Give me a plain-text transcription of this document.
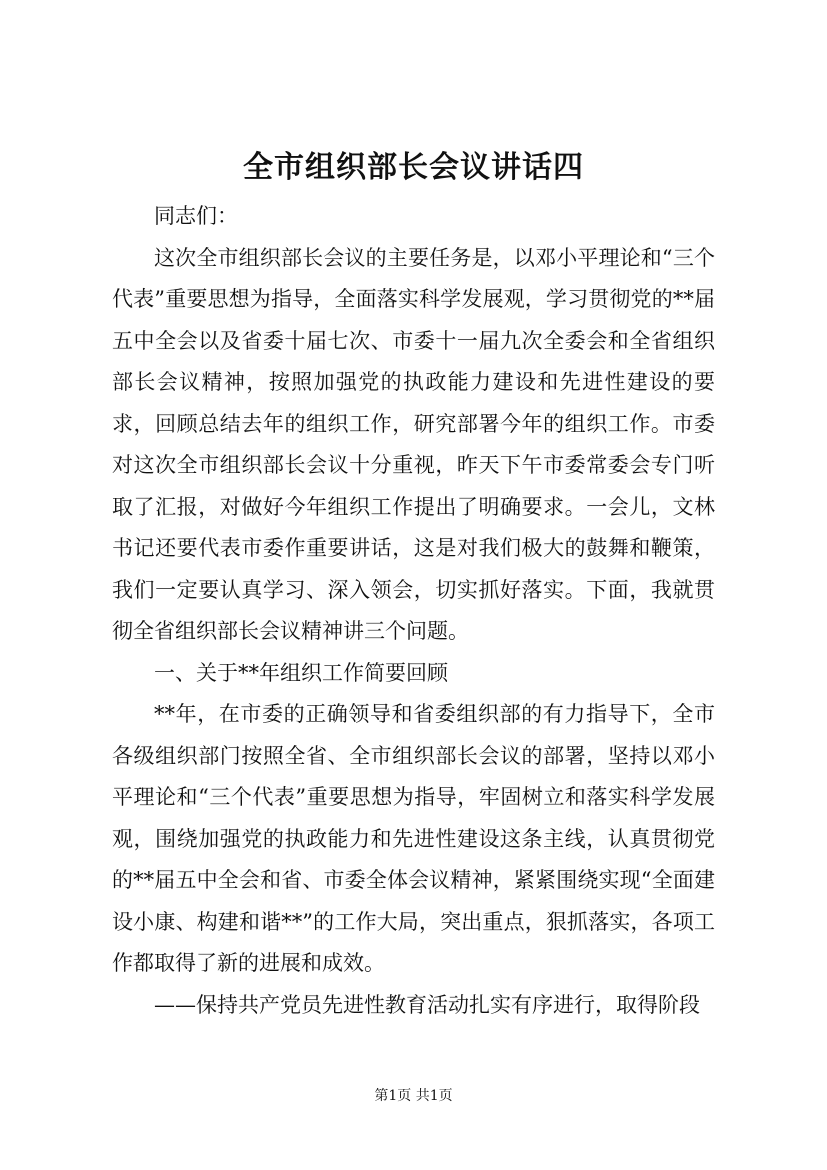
全市组织部长会议讲话四

同志们：

这次全市组织部长会议的主要任务是，以邓小平理论和“三个代表”重要思想为指导，全面落实科学发展观，学习贯彻党的**届五中全会以及省委十届七次、市委十一届九次全委会和全省组织部长会议精神，按照加强党的执政能力建设和先进性建设的要求，回顾总结去年的组织工作，研究部署今年的组织工作。市委对这次全市组织部长会议十分重视，昨天下午市委常委会专门听取了汇报，对做好今年组织工作提出了明确要求。一会儿，文林书记还要代表市委作重要讲话，这是对我们极大的鼓舞和鞭策，我们一定要认真学习、深入领会，切实抓好落实。下面，我就贯彻全省组织部长会议精神讲三个问题。

一、关于**年组织工作简要回顾

**年，在市委的正确领导和省委组织部的有力指导下，全市各级组织部门按照全省、全市组织部长会议的部署，坚持以邓小平理论和“三个代表”重要思想为指导，牢固树立和落实科学发展观，围绕加强党的执政能力和先进性建设这条主线，认真贯彻党的**届五中全会和省、市委全体会议精神，紧紧围绕实现“全面建设小康、构建和谐**”的工作大局，突出重点，狠抓落实，各项工作都取得了新的进展和成效。

——保持共产党员先进性教育活动扎实有序进行，取得阶段

第1页 共1页
